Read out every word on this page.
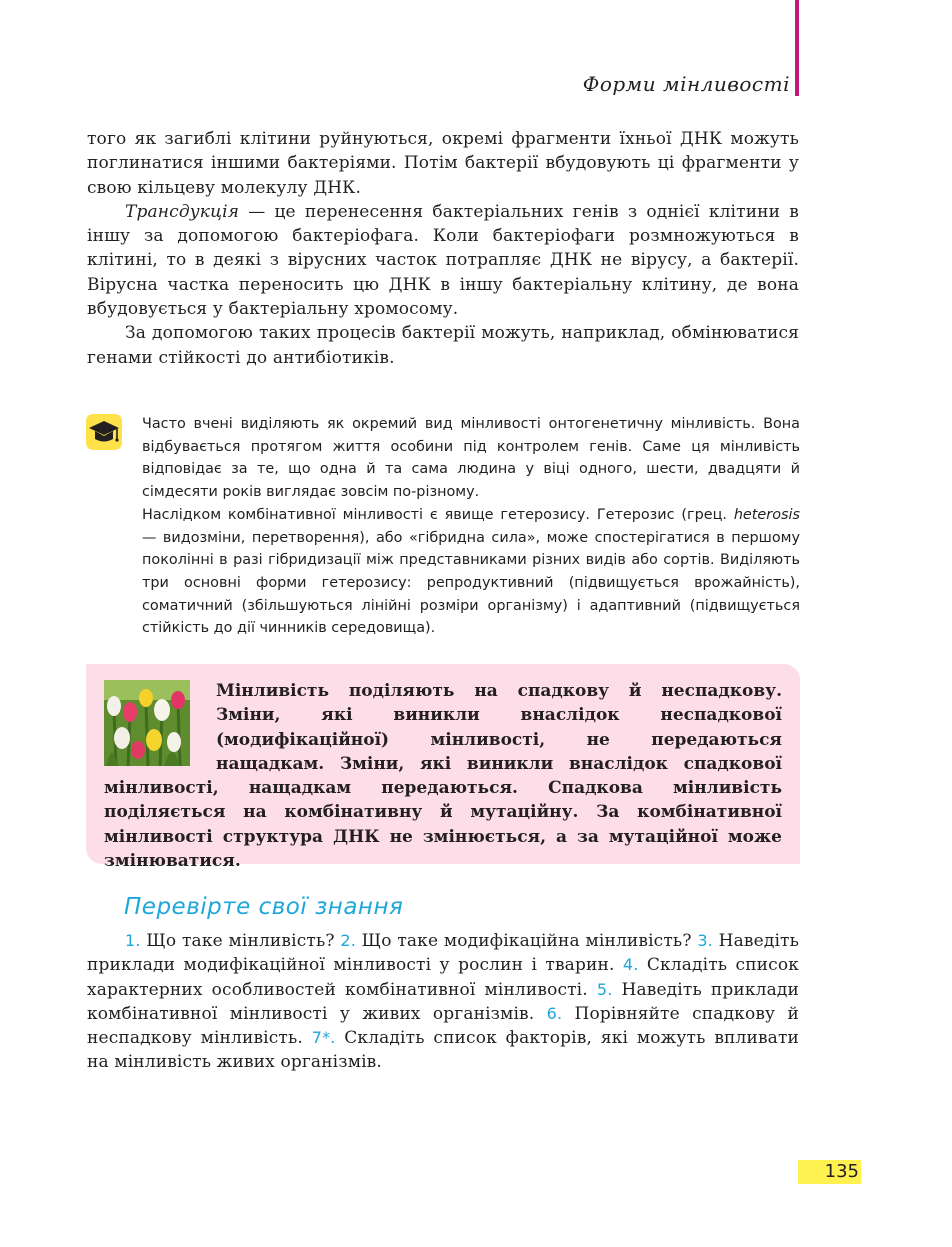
Форми мінливості

того як загиблі клітини руйнуються, окремі фрагменти їхньої ДНК можуть поглинатися іншими бактеріями. Потім бактерії вбудовують ці фрагменти у свою кільцеву молекулу ДНК.

Трансдукція — це перенесення бактеріальних генів з однієї клітини в іншу за допомогою бактеріофага. Коли бактеріофаги розмножуються в клітині, то в деякі з вірусних часток потрапляє ДНК не вірусу, а бактерії. Вірусна частка переносить цю ДНК в іншу бактеріальну клітину, де вона вбудовується у бактеріальну хромосому.

За допомогою таких процесів бактерії можуть, наприклад, обмінюватися генами стійкості до антибіотиків.

Часто вчені виділяють як окремий вид мінливості онтогенетичну мінливість. Вона відбувається протягом життя особини під контролем генів. Саме ця мінливість відповідає за те, що одна й та сама людина у віці одного, шести, двадцяти й сімдесяти років виглядає зовсім по-різному.

Наслідком комбінативної мінливості є явище гетерозису. Гетерозис (грец. heterosis — видозміни, перетворення), або «гібридна сила», може спостерігатися в першому поколінні в разі гібридизації між представниками різних видів або сортів. Виділяють три основні форми гетерозису: репродуктивний (підвищується врожайність), соматичний (збільшуються лінійні розміри організму) і адаптивний (підвищується стійкість до дії чинників середовища).

Мінливість поділяють на спадкову й неспадкову. Зміни, які виникли внаслідок неспадкової (модифікаційної) мінливості, не передаються нащадкам. Зміни, які виникли внаслідок спадкової мінливості, нащадкам передаються. Спадкова мінливість поділяється на комбінативну й мутаційну. За комбінативної мінливості структура ДНК не змінюється, а за мутаційної може змінюватися.

Перевірте свої знання
1. Що таке мінливість? 2. Що таке модифікаційна мінливість? 3. Наведіть приклади модифікаційної мінливості у рослин і тварин. 4. Складіть список характерних особливостей комбінативної мінливості. 5. Наведіть приклади комбінативної мінливості у живих організмів. 6. Порівняйте спадкову й неспадкову мінливість. 7*. Складіть список факторів, які можуть впливати на мінливість живих організмів.
135
